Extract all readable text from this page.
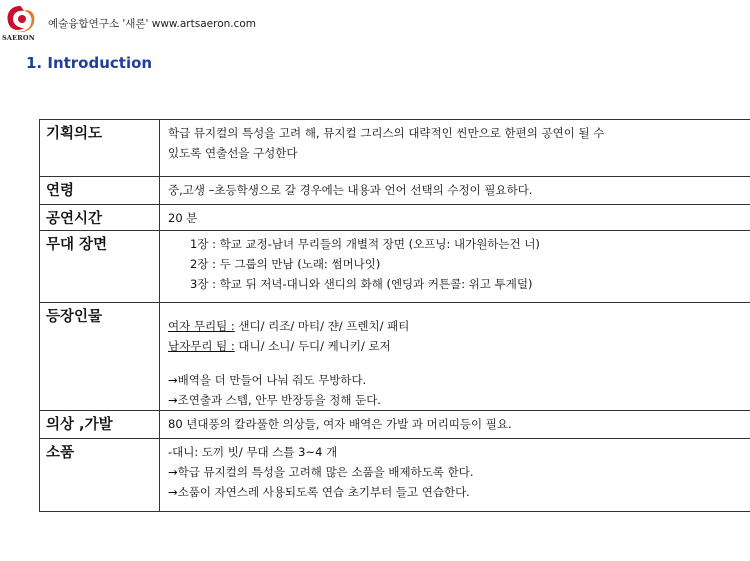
SAERON
예술융합연구소 '새론' www.artsaeron.com
1. Introduction
기획의도	학급 뮤지컬의 특성을 고려 해, 뮤지컬 그리스의 대략적인 씬만으로 한편의 공연이 될 수
있도록 연출선을 구성한다

연령	중,고생 –초등학생으로 갈 경우에는 내용과 언어 선택의 수정이 필요하다.
공연시간	20 분
무대 장면	1장 : 학교 교정-남녀 무리들의 개별적 장면 (오프닝: 내가원하는건 너)
2장 : 두 그룹의 만남 (노래: 썸머나잇)
3장 : 학교 뒤 저녁-대니와 샌디의 화해 (엔딩과 커튼콜: 위고 투게덜)

등장인물	여자 무리팀 : 샌디/ 리조/ 마티/ 쟌/ 프렌치/ 패티
남자무리 팀 : 대니/ 소니/ 두디/ 케니키/ 로저
→배역을 더 만들어 나눠 줘도 무방하다.
→조연출과 스텝, 안무 반장등을 정해 둔다.

의상 ,가발	80 년대풍의 칼라풀한 의상들, 여자 배역은 가발 과 머리띠등이 필요.
소품	-대니: 도끼 빗/ 무대 스틀 3~4 개
→학급 뮤지컬의 특성을 고려해 많은 소품을 배제하도록 한다.
→소품이 자연스레 사용되도록 연습 초기부터 들고 연습한다.
